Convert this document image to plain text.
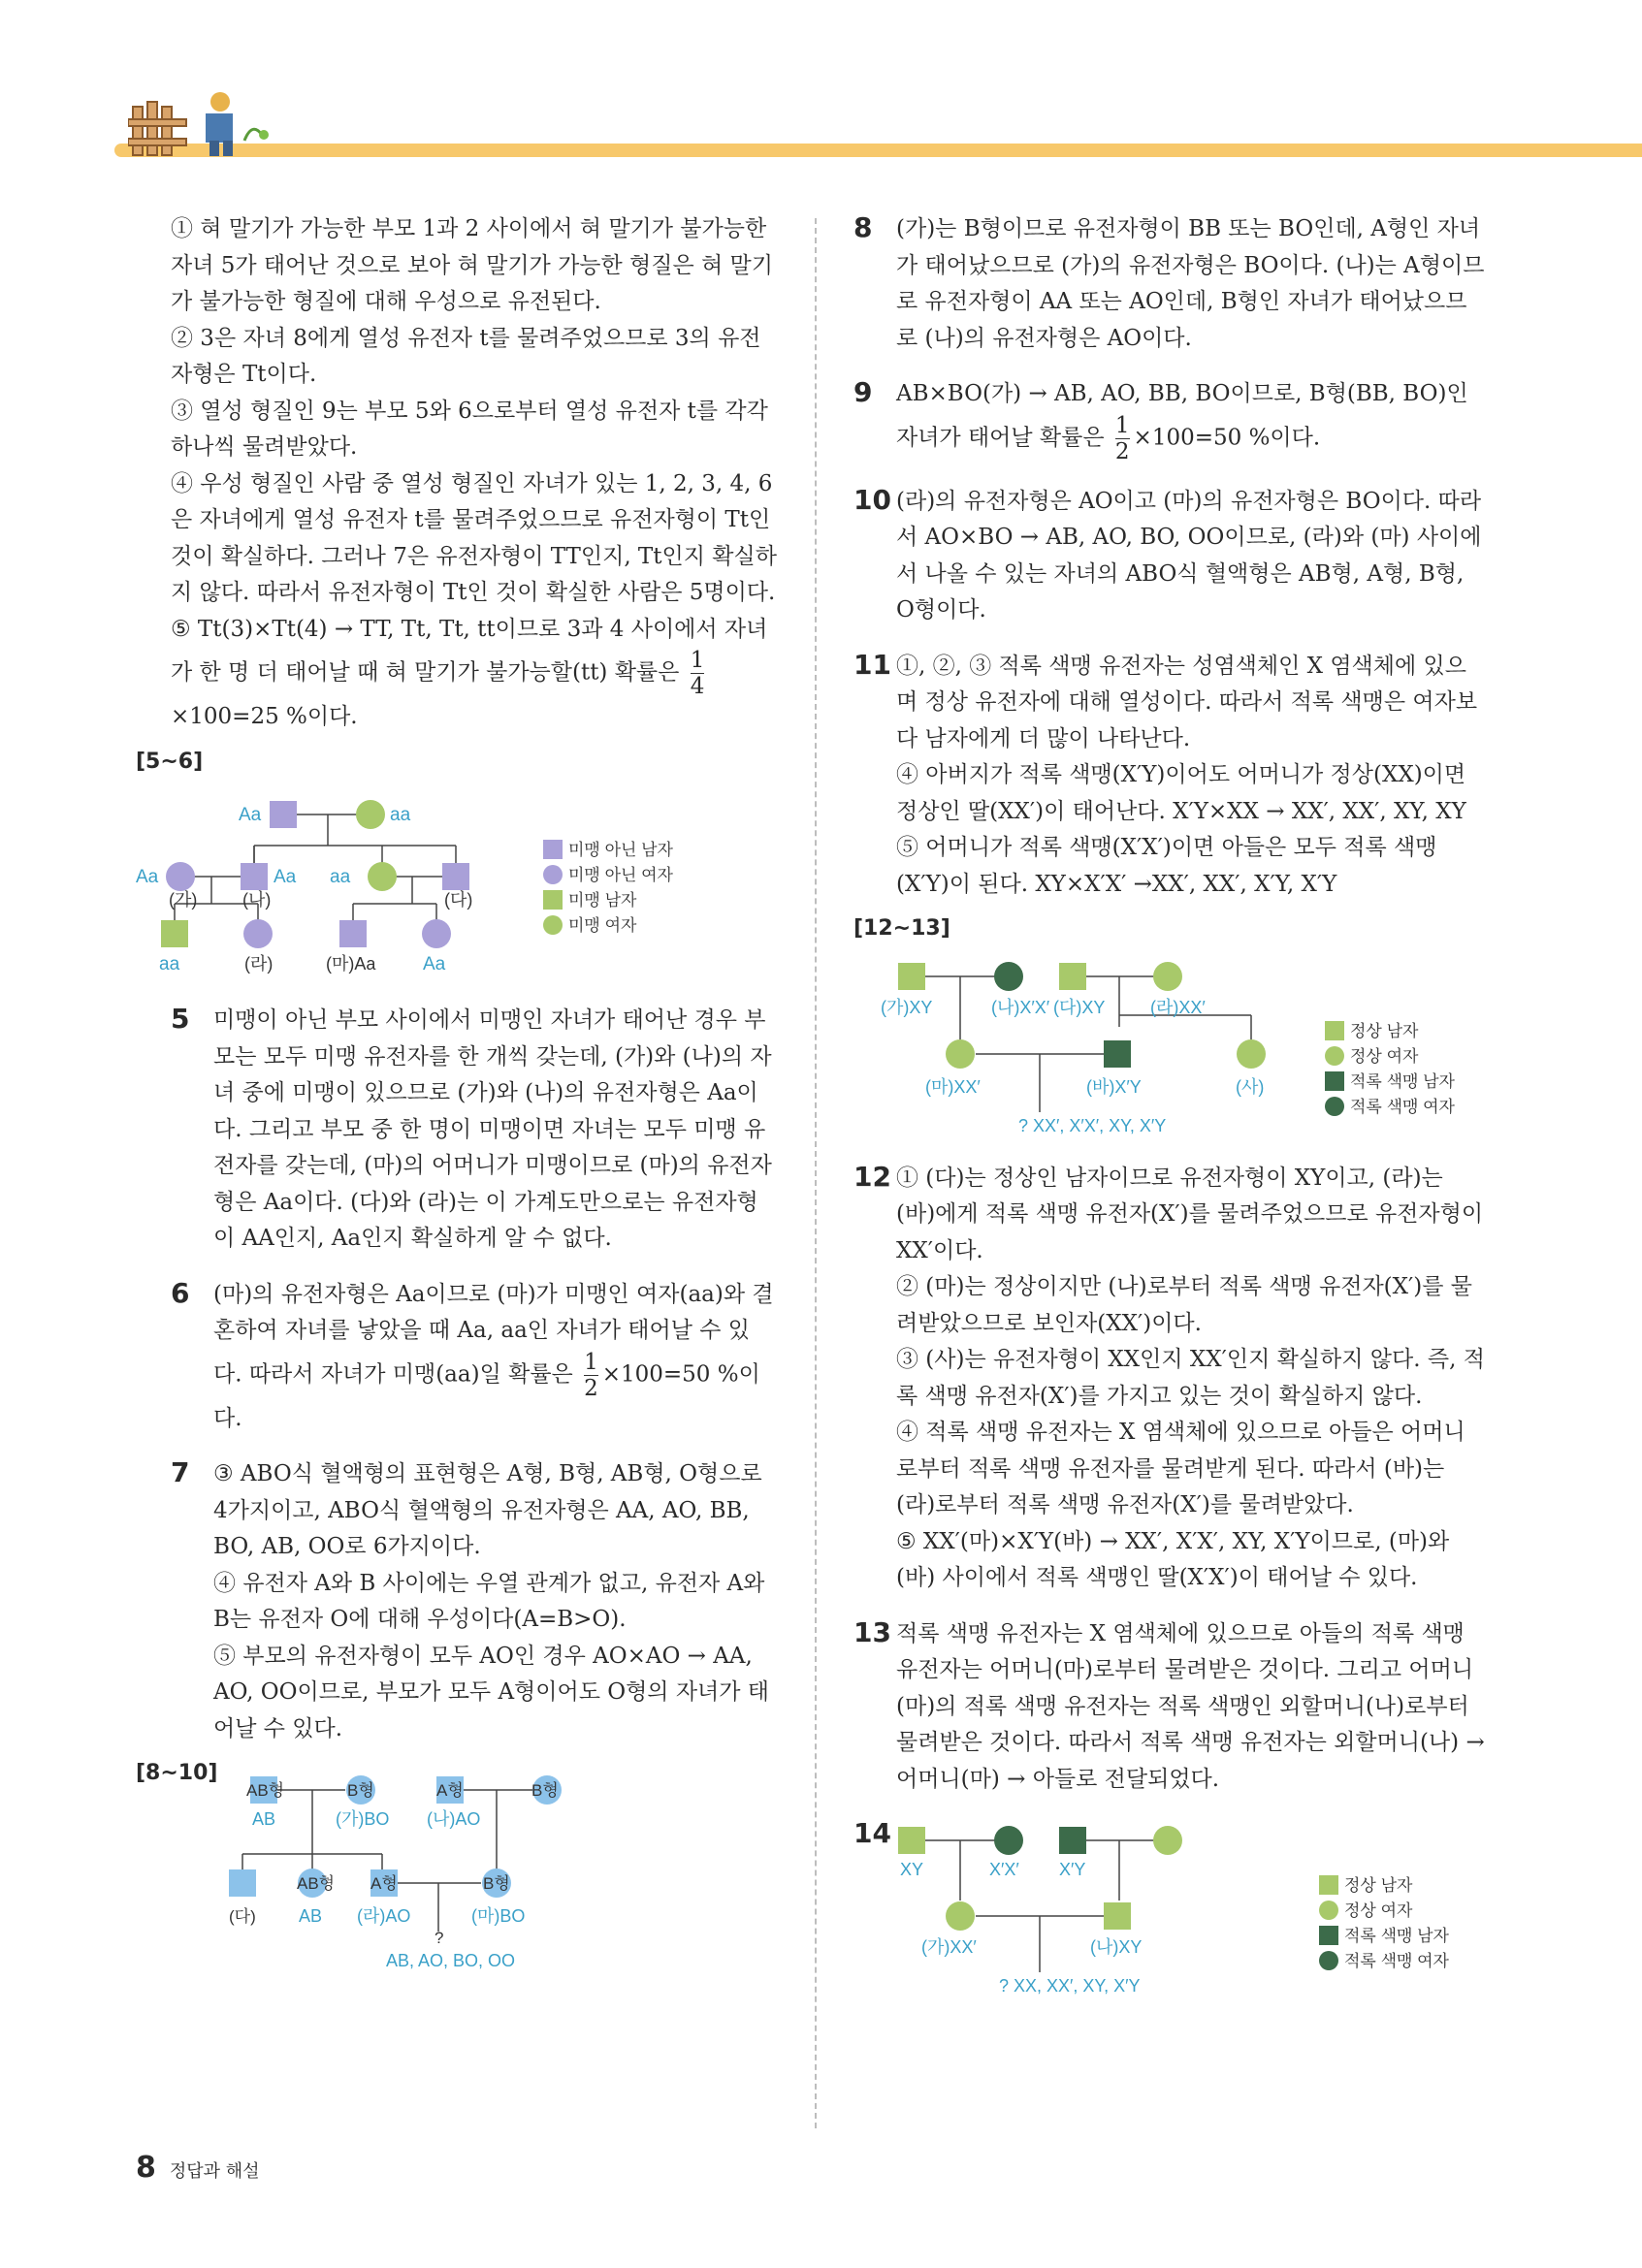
① 혀 말기가 가능한 부모 1과 2 사이에서 혀 말기가 불가능한 자녀 5가 태어난 것으로 보아 혀 말기가 가능한 형질은 혀 말기가 불가능한 형질에 대해 우성으로 유전된다.

② 3은 자녀 8에게 열성 유전자 t를 물려주었으므로 3의 유전자형은 Tt이다.

③ 열성 형질인 9는 부모 5와 6으로부터 열성 유전자 t를 각각 하나씩 물려받았다.

④ 우성 형질인 사람 중 열성 형질인 자녀가 있는 1, 2, 3, 4, 6은 자녀에게 열성 유전자 t를 물려주었으므로 유전자형이 Tt인 것이 확실하다. 그러나 7은 유전자형이 TT인지, Tt인지 확실하지 않다. 따라서 유전자형이 Tt인 것이 확실한 사람은 5명이다.

⑤ Tt(3)×Tt(4) → TT, Tt, Tt, tt이므로 3과 4 사이에서 자녀가 한 명 더 태어날 때 혀 말기가 불가능할(tt) 확률은 $\frac{1}{4}$

×100=25 %이다.

[5~6]
Aa	aa
Aa	Aa aa
aa	Aa
(가)	(나)	(다)
(라)	(마)Aa
미맹 아닌 남자
미맹 아닌 여자
미맹 남자
미맹 여자
5 미맹이 아닌 부모 사이에서 미맹인 자녀가 태어난 경우 부모는 모두 미맹 유전자를 한 개씩 갖는데, (가)와 (나)의 자녀 중에 미맹이 있으므로 (가)와 (나)의 유전자형은 Aa이다. 그리고 부모 중 한 명이 미맹이면 자녀는 모두 미맹 유전자를 갖는데, (마)의 어머니가 미맹이므로 (마)의 유전자형은 Aa이다. (다)와 (라)는 이 가계도만으로는 유전자형이 AA인지, Aa인지 확실하게 알 수 없다.

6 (마)의 유전자형은 Aa이므로 (마)가 미맹인 여자(aa)와 결혼하여 자녀를 낳았을 때 Aa, aa인 자녀가 태어날 수 있다. 따라서 자녀가 미맹(aa)일 확률은 $\frac{1}{2} \times 100=50$ %이다.

7 ③ ABO식 혈액형의 표현형은 A형, B형, AB형, O형으로 4가지이고, ABO식 혈액형의 유전자형은 AA, AO, BB, BO, AB, OO로 6가지이다.

④ 유전자 A와 B 사이에는 우열 관계가 없고, 유전자 A와 B는 유전자 O에 대해 우성이다(A=B>O).

⑤ 부모의 유전자형이 모두 AO인 경우 AO×AO → AA, AO, OO이므로, 부모가 모두 A형이어도 O형의 자녀가 태어날 수 있다.

[8~10]
AB형	B형	A형	B형
AB형 A형	B형
(다)
?
AB	(가)BO (나)AO
AB (라)AO	(마)BO
AB, AO, BO, OO
8 (가)는 B형이므로 유전자형이 BB 또는 BO인데, A형인 자녀가 태어났으므로 (가)의 유전자형은 BO이다. (나)는 A형이므로 유전자형이 AA 또는 AO인데, B형인 자녀가 태어났으므로 (나)의 유전자형은 AO이다.

9 AB×BO(가) → AB, AO, BB, BO이므로, B형(BB, BO)인 자녀가 태어날 확률은 $\frac{1}{2} \times 100=50$ %이다.

10 (라)의 유전자형은 AO이고 (마)의 유전자형은 BO이다. 따라서 AO×BO → AB, AO, BO, OO이므로, (라)와 (마) 사이에서 나올 수 있는 자녀의 ABO식 혈액형은 AB형, A형, B형, O형이다.

11 ①, ②, ③ 적록 색맹 유전자는 성염색체인 X 염색체에 있으며 정상 유전자에 대해 열성이다. 따라서 적록 색맹은 여자보다 남자에게 더 많이 나타난다.

④ 아버지가 적록 색맹(X′Y)이어도 어머니가 정상(XX)이면 정상인 딸(XX′)이 태어난다. X′Y×XX → XX′, XX′, XY, XY

⑤ 어머니가 적록 색맹(X′X′)이면 아들은 모두 적록 색맹(X′Y)이 된다. XY×X′X′ →XX′, XX′, X′Y, X′Y

[12~13]
(가)XY	(나)X′X′ (다)XY	(라)XX′
(마)XX′	(바)X′Y	(사)
? XX′, X′X′, XY, X′Y
정상 남자
정상 여자
적록 색맹 남자
적록 색맹 여자
12 ① (다)는 정상인 남자이므로 유전자형이 XY이고, (라)는 (바)에게 적록 색맹 유전자(X′)를 물려주었으므로 유전자형이 XX′이다.

② (마)는 정상이지만 (나)로부터 적록 색맹 유전자(X′)를 물려받았으므로 보인자(XX′)이다.

③ (사)는 유전자형이 XX인지 XX′인지 확실하지 않다. 즉, 적록 색맹 유전자(X′)를 가지고 있는 것이 확실하지 않다.

④ 적록 색맹 유전자는 X 염색체에 있으므로 아들은 어머니로부터 적록 색맹 유전자를 물려받게 된다. 따라서 (바)는 (라)로부터 적록 색맹 유전자(X′)를 물려받았다.

⑤ XX′(마)×X′Y(바) → XX′, X′X′, XY, X′Y이므로, (마)와 (바) 사이에서 적록 색맹인 딸(X′X′)이 태어날 수 있다.

13 적록 색맹 유전자는 X 염색체에 있으므로 아들의 적록 색맹 유전자는 어머니(마)로부터 물려받은 것이다. 그리고 어머니(마)의 적록 색맹 유전자는 적록 색맹인 외할머니(나)로부터 물려받은 것이다. 따라서 적록 색맹 유전자는 외할머니(나) → 어머니(마) → 아들로 전달되었다.

14
XY	X′X′ X′Y
(가)XX′	(나)XY
? XX, XX′, XY, X′Y
정상 남자
정상 여자
적록 색맹 남자
적록 색맹 여자
8 정답과 해설
